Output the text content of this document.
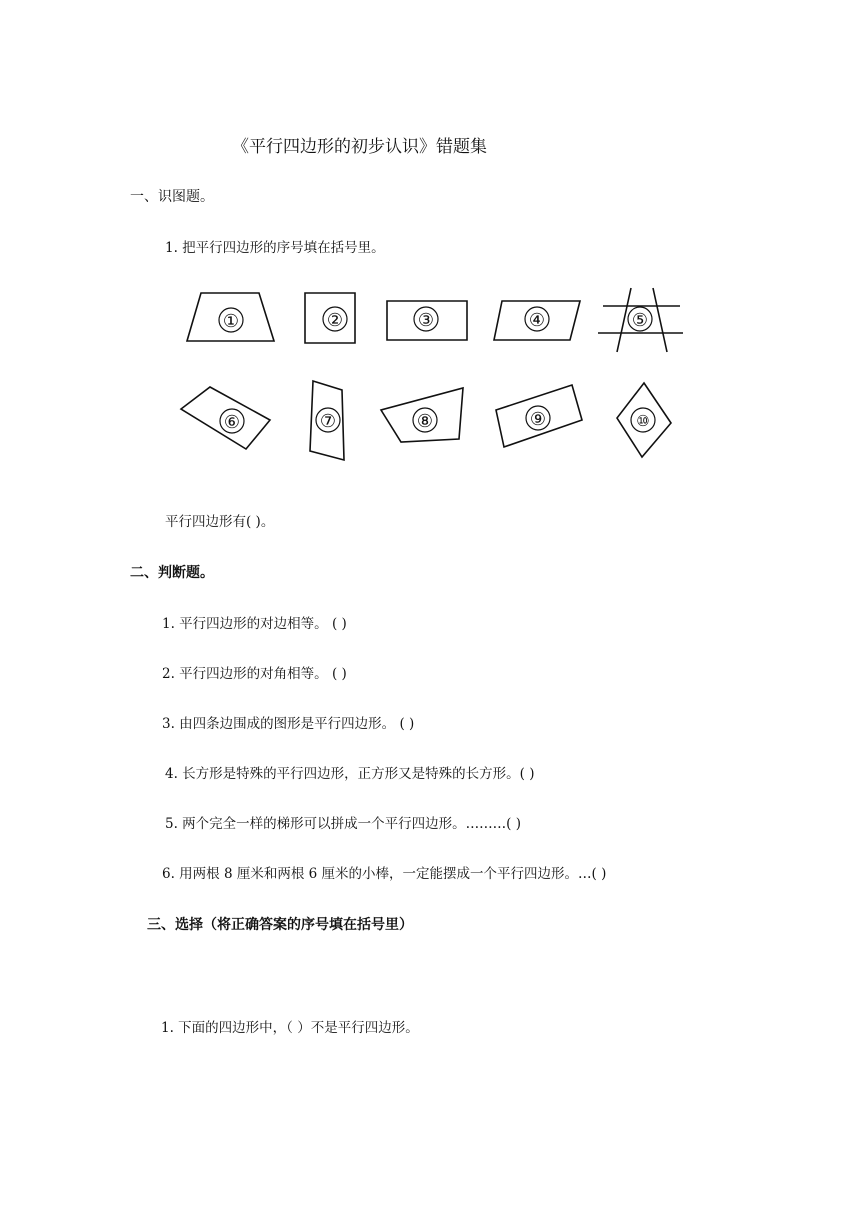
《平行四边形的初步认识》错题集
一、识图题。
1. 把平行四边形的序号填在括号里。
①	②	③	④	⑤
⑥	⑦	⑧	⑨	⑩
平行四边形有( )。
二、判断题。
1. 平行四边形的对边相等。 ( )
2. 平行四边形的对角相等。 ( )
3. 由四条边围成的图形是平行四边形。 ( )
4. 长方形是特殊的平行四边形，正方形又是特殊的长方形。( )
5. 两个完全一样的梯形可以拼成一个平行四边形。………( )
6. 用两根 8 厘米和两根 6 厘米的小棒，一定能摆成一个平行四边形。…( )
三、选择（将正确答案的序号填在括号里）
1. 下面的四边形中，（ ）不是平行四边形。
